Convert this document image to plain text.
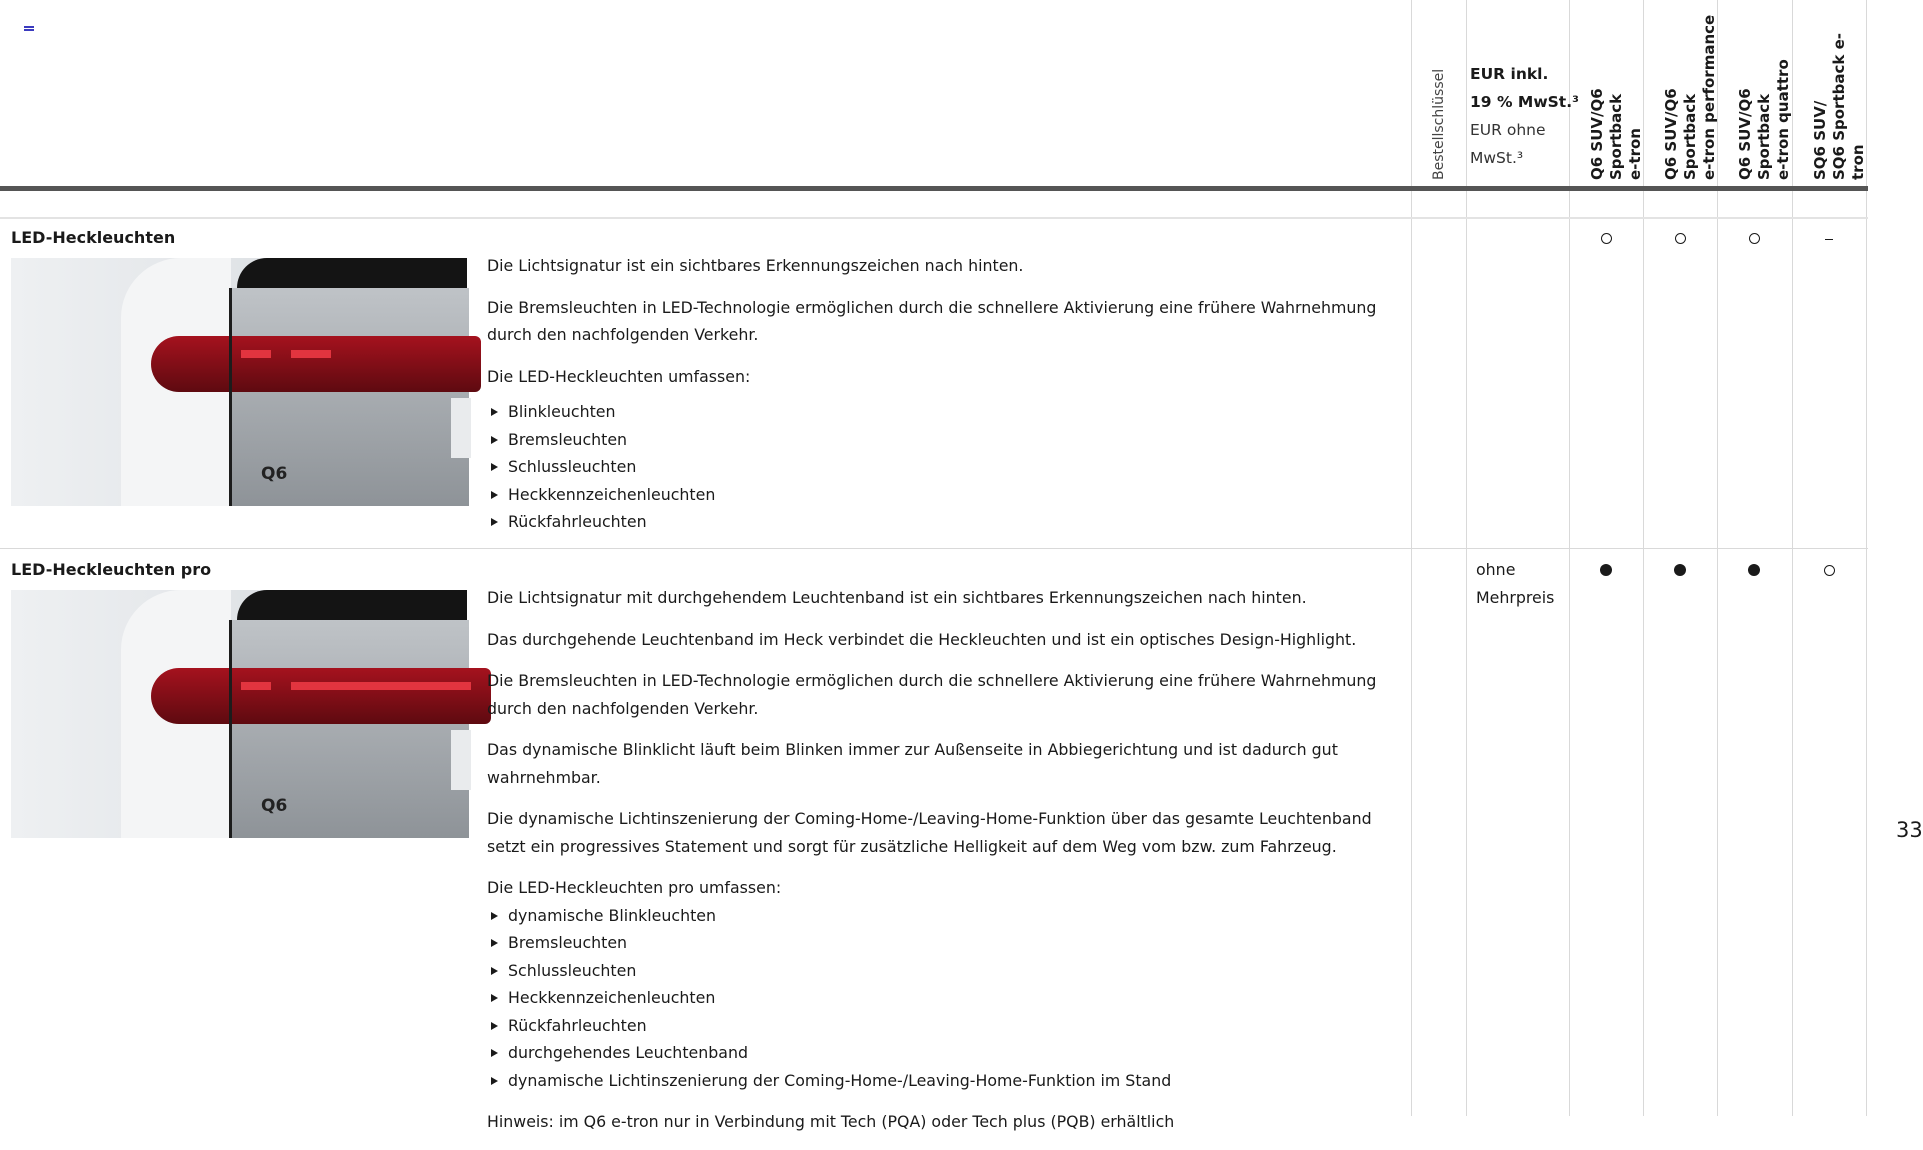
Bestellschlüssel EUR inkl.
19 % MwSt.³
EUR ohne
MwSt.³	Q6 SUV/Q6 Sportback
e-tron Q6 SUV/Q6 Sportback
e-tron performance
Q6 SUV/Q6 Sportback
e-tron quattro
SQ6 SUV/
SQ6 Sportback e-tron
LED-Heckleuchten
Q6

Die Lichtsignatur ist ein sichtbares Erkennungszeichen nach hinten.

Die Bremsleuchten in LED-Technologie ermöglichen durch die schnellere Aktivierung eine frühere Wahrnehmung durch den nachfolgenden Verkehr.

Die LED-Heckleuchten umfassen:

Blinkleuchten
Bremsleuchten
Schlussleuchten
Heckkennzeichenleuchten
Rückfahrleuchten
LED-Heckleuchten pro	ohne
Mehrpreis
Q6

Die Lichtsignatur mit durchgehendem Leuchtenband ist ein sichtbares Erkennungszeichen nach hinten.

Das durchgehende Leuchtenband im Heck verbindet die Heckleuchten und ist ein optisches Design-Highlight.

Die Bremsleuchten in LED-Technologie ermöglichen durch die schnellere Aktivierung eine frühere Wahrnehmung durch den nachfolgenden Verkehr.

Das dynamische Blinklicht läuft beim Blinken immer zur Außenseite in Abbiegerichtung und ist dadurch gut wahrnehmbar.

Die dynamische Lichtinszenierung der Coming-Home-/Leaving-Home-Funktion über das gesamte Leuchtenband setzt ein progressives Statement und sorgt für zusätzliche Helligkeit auf dem Weg vom bzw. zum Fahrzeug.

Die LED-Heckleuchten pro umfassen:

dynamische Blinkleuchten
Bremsleuchten
Schlussleuchten
Heckkennzeichenleuchten
Rückfahrleuchten
durchgehendes Leuchtenband
dynamische Lichtinszenierung der Coming-Home-/Leaving-Home-Funktion im Stand

Hinweis: im Q6 e-tron nur in Verbindung mit Tech (PQA) oder Tech plus (PQB) erhältlich

33
